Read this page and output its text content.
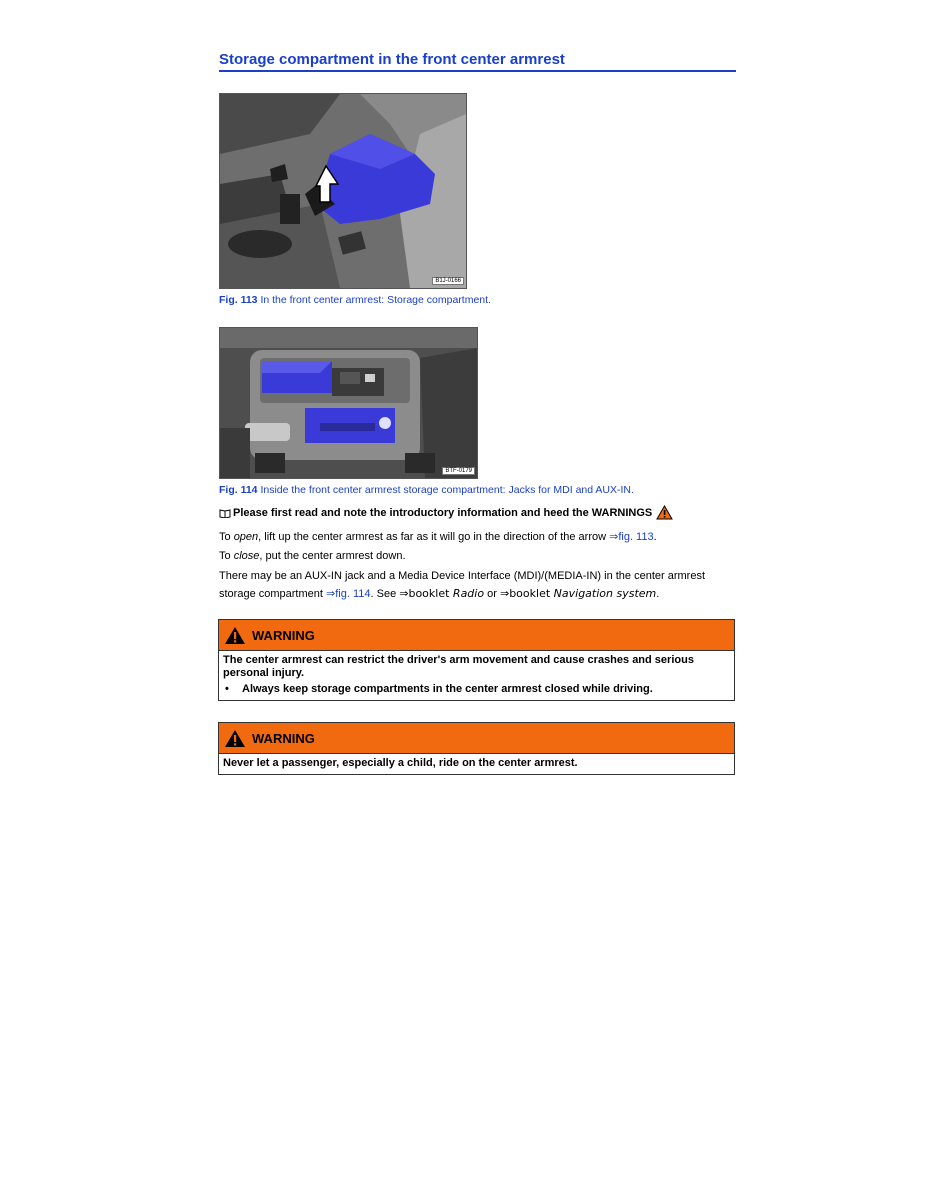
Storage compartment in the front center armrest
B1J-0166
Fig. 113 In the front center armrest: Storage compartment.
BTF-0179
Fig. 114 Inside the front center armrest storage compartment: Jacks for MDI and AUX-IN.
Please first read and note the introductory information and heed the WARNINGS
To open, lift up the center armrest as far as it will go in the direction of the arrow ⇒fig. 113.
To close, put the center armrest down.
There may be an AUX-IN jack and a Media Device Interface (MDI)/(MEDIA-IN) in the center armrest
storage compartment ⇒fig. 114. See ⇒booklet Radio or ⇒booklet Navigation system.
WARNING
The center armrest can restrict the driver's arm movement and cause crashes and serious personal injury.
•	Always keep storage compartments in the center armrest closed while driving.
WARNING
Never let a passenger, especially a child, ride on the center armrest.
